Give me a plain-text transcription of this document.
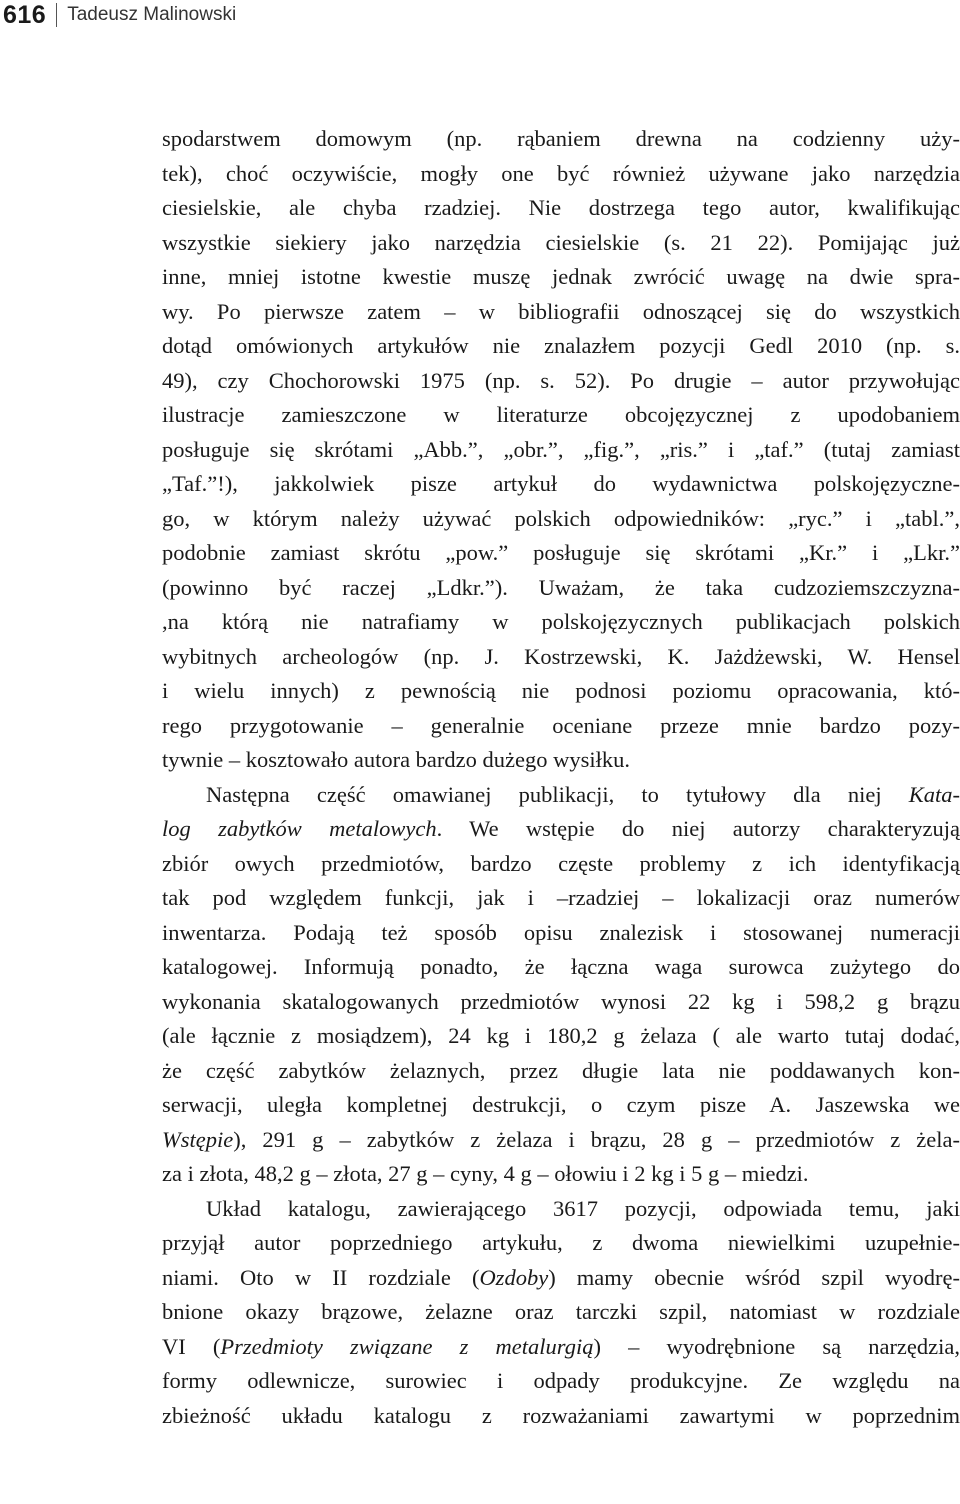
616 Tadeusz Malinowski
spodarstwem domowym (np. rąbaniem drewna na codzienny uży-
tek), choć oczywiście, mogły one być również używane jako narzędzia
ciesielskie, ale chyba rzadziej. Nie dostrzega tego autor, kwalifikując
wszystkie siekiery jako narzędzia ciesielskie (s. 21 22). Pomijając już
inne, mniej istotne kwestie muszę jednak zwrócić uwagę na dwie spra-
wy. Po pierwsze zatem – w bibliografii odnoszącej się do wszystkich
dotąd omówionych artykułów nie znalazłem pozycji Gedl 2010 (np. s.
49), czy Chochorowski 1975 (np. s. 52). Po drugie – autor przywołując
ilustracje zamieszczone w literaturze obcojęzycznej z upodobaniem
posługuje się skrótami „Abb.”, „obr.”, „fig.”, „ris.” i „taf.” (tutaj zamiast
„Taf.”!), jakkolwiek pisze artykuł do wydawnictwa polskojęzyczne-
go, w którym należy używać polskich odpowiedników: „ryc.” i „tabl.”,
podobnie zamiast skrótu „pow.” posługuje się skrótami „Kr.” i „Lkr.”
(powinno być raczej „Ldkr.”). Uważam, że taka cudzoziemszczyzna-
,na którą nie natrafiamy w polskojęzycznych publikacjach polskich
wybitnych archeologów (np. J. Kostrzewski, K. Jażdżewski, W. Hensel
i wielu innych) z pewnością nie podnosi poziomu opracowania, któ-
rego przygotowanie – generalnie oceniane przeze mnie bardzo pozy-
tywnie – kosztowało autora bardzo dużego wysiłku.
Następna część omawianej publikacji, to tytułowy dla niej Kata-
log zabytków metalowych. We wstępie do niej autorzy charakteryzują
zbiór owych przedmiotów, bardzo częste problemy z ich identyfikacją
tak pod względem funkcji, jak i –rzadziej – lokalizacji oraz numerów
inwentarza. Podają też sposób opisu znalezisk i stosowanej numeracji
katalogowej. Informują ponadto, że łączna waga surowca zużytego do
wykonania skatalogowanych przedmiotów wynosi 22 kg i 598,2 g brązu
(ale łącznie z mosiądzem), 24 kg i 180,2 g żelaza ( ale warto tutaj dodać,
że część zabytków żelaznych, przez długie lata nie poddawanych kon-
serwacji, uległa kompletnej destrukcji, o czym pisze A. Jaszewska we
Wstępie), 291 g – zabytków z żelaza i brązu, 28 g – przedmiotów z żela-
za i złota, 48,2 g – złota, 27 g – cyny, 4 g – ołowiu i 2 kg i 5 g – miedzi.
Układ katalogu, zawierającego 3617 pozycji, odpowiada temu, jaki
przyjął autor poprzedniego artykułu, z dwoma niewielkimi uzupełnie-
niami. Oto w II rozdziale (Ozdoby) mamy obecnie wśród szpil wyodrę-
bnione okazy brązowe, żelazne oraz tarczki szpil, natomiast w rozdziale
VI (Przedmioty związane z metalurgią) – wyodrębnione są narzędzia,
formy odlewnicze, surowiec i odpady produkcyjne. Ze względu na
zbieżność układu katalogu z rozważaniami zawartymi w poprzednim
